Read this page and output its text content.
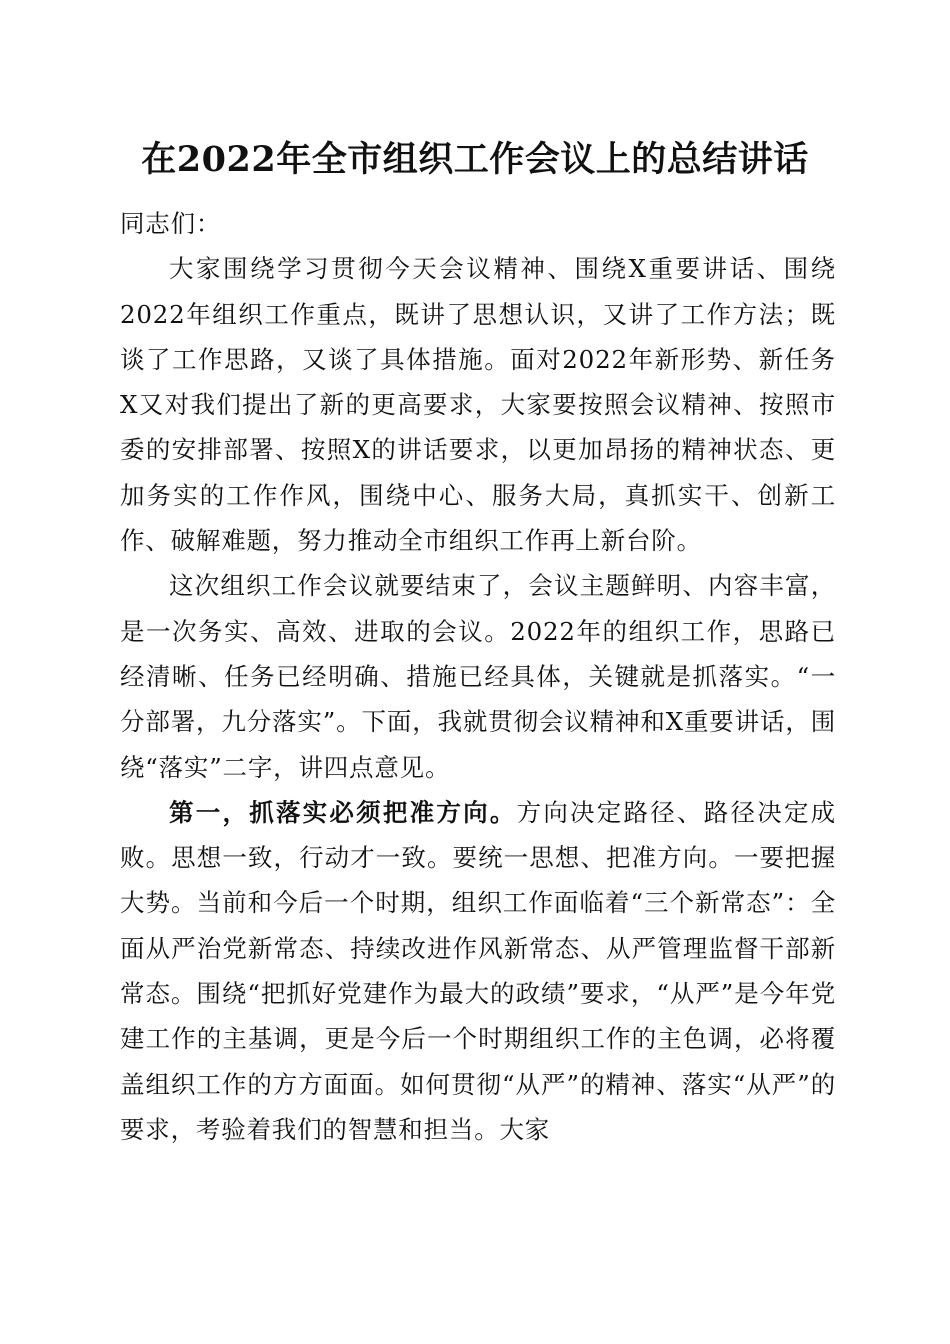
在2022年全市组织工作会议上的总结讲话

同志们：

大家围绕学习贯彻今天会议精神、围绕X重要讲话、围绕2022年组织工作重点，既讲了思想认识，又讲了工作方法；既谈了工作思路，又谈了具体措施。面对2022年新形势、新任务X又对我们提出了新的更高要求，大家要按照会议精神、按照市委的安排部署、按照X的讲话要求，以更加昂扬的精神状态、更加务实的工作作风，围绕中心、服务大局，真抓实干、创新工作、破解难题，努力推动全市组织工作再上新台阶。

这次组织工作会议就要结束了，会议主题鲜明、内容丰富，是一次务实、高效、进取的会议。2022年的组织工作，思路已经清晰、任务已经明确、措施已经具体，关键就是抓落实。“一分部署，九分落实”。下面，我就贯彻会议精神和X重要讲话，围绕“落实”二字，讲四点意见。

第一，抓落实必须把准方向。方向决定路径、路径决定成败。思想一致，行动才一致。要统一思想、把准方向。一要把握大势。当前和今后一个时期，组织工作面临着“三个新常态”：全面从严治党新常态、持续改进作风新常态、从严管理监督干部新常态。围绕“把抓好党建作为最大的政绩”要求，“从严”是今年党建工作的主基调，更是今后一个时期组织工作的主色调，必将覆盖组织工作的方方面面。如何贯彻“从严”的精神、落实“从严”的要求，考验着我们的智慧和担当。大家
